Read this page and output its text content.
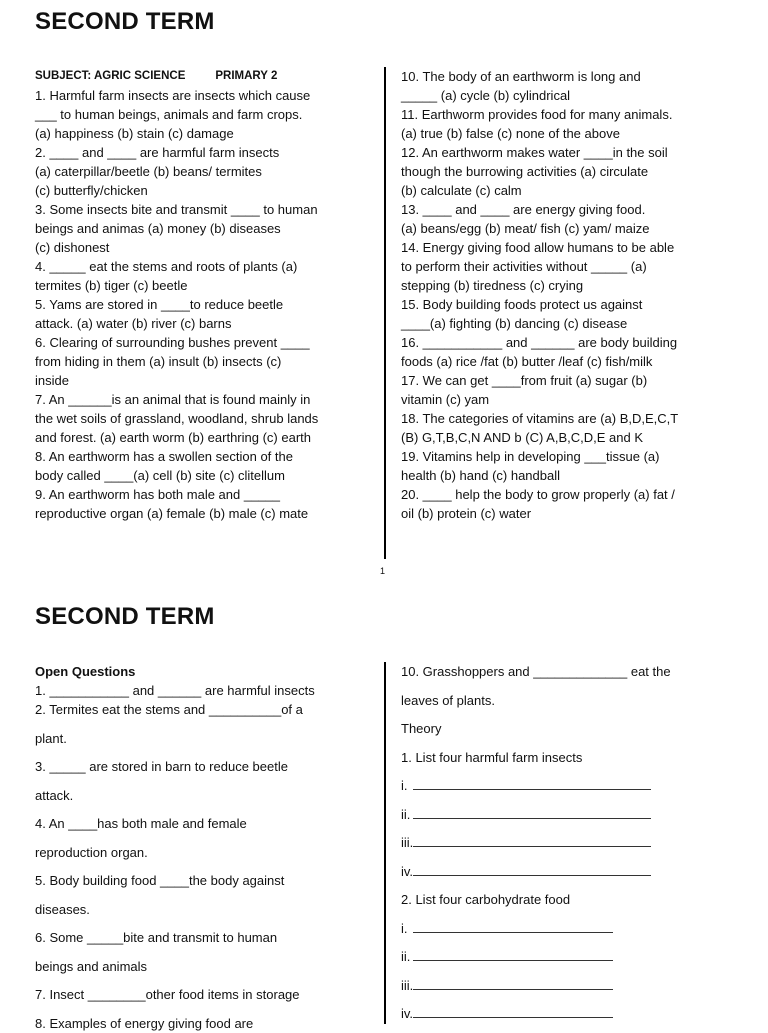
SECOND TERM

SUBJECT: AGRIC SCIENCE	PRIMARY 2

1. Harmful farm insects are insects which cause

___ to human beings, animals and farm crops.

(a) happiness (b) stain (c) damage

2. ____ and ____ are harmful farm insects

(a) caterpillar/beetle (b) beans/ termites

(c) butterfly/chicken

3. Some insects bite and transmit ____ to human

beings and animas (a) money (b) diseases

(c) dishonest

4. _____ eat the stems and roots of plants (a)

termites (b) tiger (c) beetle

5. Yams are stored in ____to reduce beetle

attack. (a) water (b) river (c) barns

6. Clearing of surrounding bushes prevent ____

from hiding in them (a) insult (b) insects (c)

inside

7. An ______is an animal that is found mainly in

the wet soils of grassland, woodland, shrub lands

and forest. (a) earth worm (b) earthring (c) earth

8. An earthworm has a swollen section of the

body called ____(a) cell (b) site (c) clitellum

9. An earthworm has both male and _____

reproductive organ (a) female (b) male (c) mate

10. The body of an earthworm is long and

_____ (a) cycle (b) cylindrical

11. Earthworm provides food for many animals.

(a) true (b) false (c) none of the above

12. An earthworm makes water ____in the soil

though the burrowing activities (a) circulate

(b) calculate (c) calm

13. ____ and ____ are energy giving food.

(a) beans/egg (b) meat/ fish (c) yam/ maize

14. Energy giving food allow humans to be able

to perform their activities without _____ (a)

stepping (b) tiredness (c) crying

15. Body building foods protect us against

____(a) fighting (b) dancing (c) disease

16. ___________ and ______ are body building

foods (a) rice /fat (b) butter /leaf (c) fish/milk

17. We can get ____from fruit (a) sugar (b)

vitamin (c) yam

18. The categories of vitamins are (a) B,D,E,C,T

(B) G,T,B,C,N AND b (C) A,B,C,D,E and K

19. Vitamins help in developing ___tissue (a)

health (b) hand (c) handball

20. ____ help the body to grow properly (a) fat /

oil (b) protein (c) water

1
SECOND TERM

Open Questions

1. ___________ and ______ are harmful insects

2. Termites eat the stems and __________of a

plant.

3. _____ are stored in barn to reduce beetle

attack.

4. An ____has both male and female

reproduction organ.

5. Body building food ____the body against

diseases.

6. Some _____bite and transmit to human

beings and animals

7. Insect ________other food items in storage

8. Examples of energy giving food are

10. Grasshoppers and _____________ eat the

leaves of plants.

Theory

1. List four harmful farm insects

i.
ii.
iii.
iv.

2. List four carbohydrate food

i.
ii.
iii.
iv.
